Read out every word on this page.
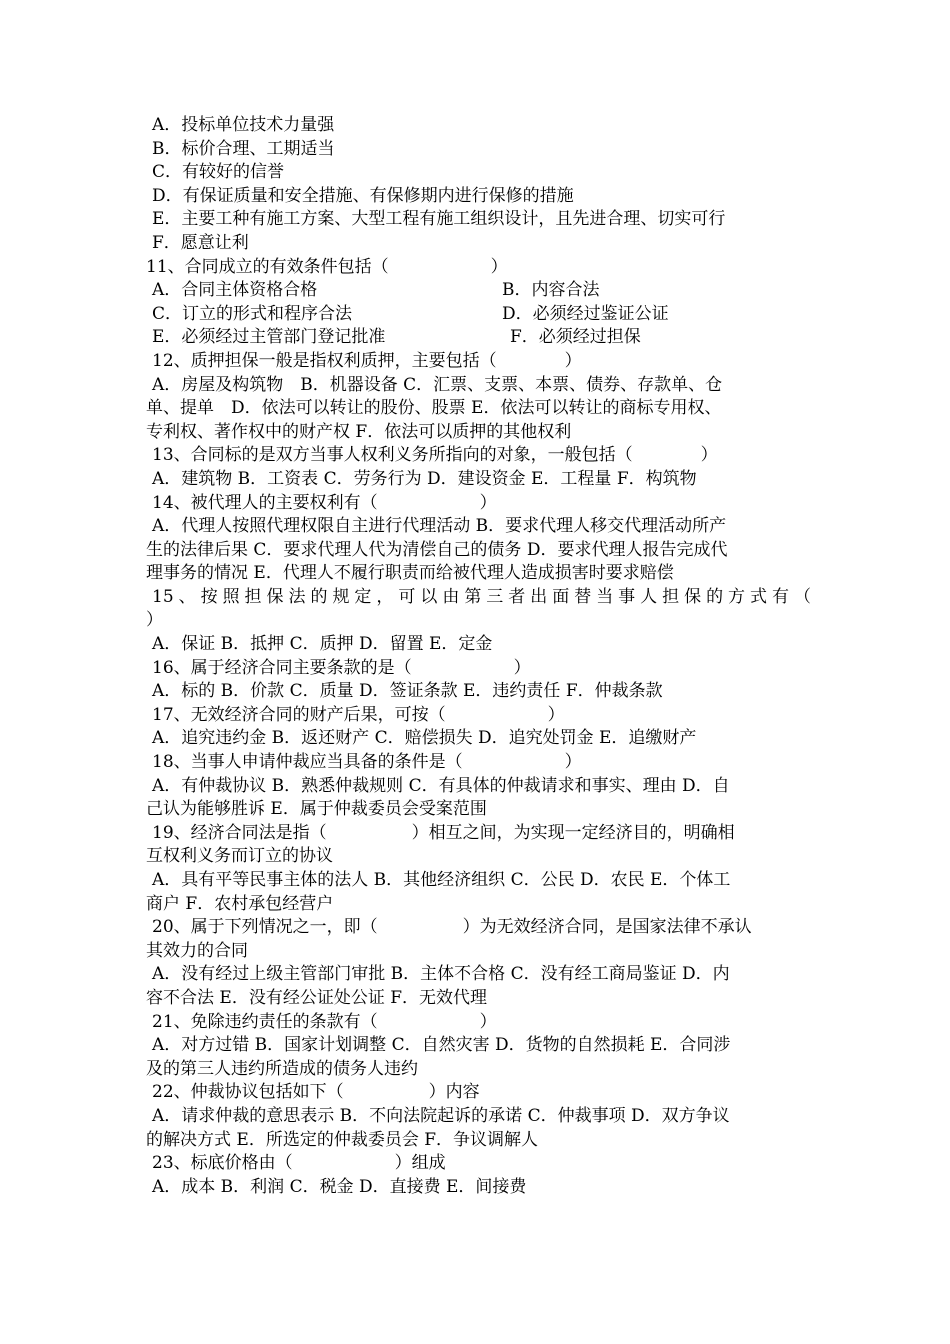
A．投标单位技术力量强
B．标价合理、工期适当
C．有较好的信誉
D．有保证质量和安全措施、有保修期内进行保修的措施
E．主要工种有施工方案、大型工程有施工组织设计，且先进合理、切实可行
F．愿意让利
11、合同成立的有效条件包括（　　　　　　）
A．合同主体资格合格	B．内容合法
C．订立的形式和程序合法	D．必须经过鉴证公证
E．必须经过主管部门登记批准	F．必须经过担保
12、质押担保一般是指权利质押，主要包括（　　　　）
A．房屋及构筑物　B．机器设备 C．汇票、支票、本票、债券、存款单、仓
单、提单　D．依法可以转让的股份、股票 E．依法可以转让的商标专用权、
专利权、著作权中的财产权 F．依法可以质押的其他权利
13、合同标的是双方当事人权利义务所指向的对象，一般包括（　　　　）
A．建筑物 B．工资表 C．劳务行为 D．建设资金 E．工程量 F．构筑物
14、被代理人的主要权利有（　　　　　　）
A．代理人按照代理权限自主进行代理活动 B．要求代理人移交代理活动所产
生的法律后果 C．要求代理人代为清偿自己的债务 D．要求代理人报告完成代
理事务的情况 E．代理人不履行职责而给被代理人造成损害时要求赔偿
15、按照担保法的规定，可以由第三者出面替当事人担保的方式有（
）
A．保证 B．抵押 C．质押 D．留置 E．定金
16、属于经济合同主要条款的是（　　　　　　）
A．标的 B．价款 C．质量 D．签证条款 E．违约责任 F．仲裁条款
17、无效经济合同的财产后果，可按（　　　　　　）
A．追究违约金 B．返还财产 C．赔偿损失 D．追究处罚金 E．追缴财产
18、当事人申请仲裁应当具备的条件是（　　　　　　）
A．有仲裁协议 B．熟悉仲裁规则 C．有具体的仲裁请求和事实、理由 D．自
己认为能够胜诉 E．属于仲裁委员会受案范围
19、经济合同法是指（　　　　　）相互之间，为实现一定经济目的，明确相
互权利义务而订立的协议
A．具有平等民事主体的法人 B．其他经济组织 C．公民 D．农民 E．个体工
商户 F．农村承包经营户
20、属于下列情况之一，即（　　　　　）为无效经济合同，是国家法律不承认
其效力的合同
A．没有经过上级主管部门审批 B．主体不合格 C．没有经工商局鉴证 D．内
容不合法 E．没有经公证处公证 F．无效代理
21、免除违约责任的条款有（　　　　　　）
A．对方过错 B．国家计划调整 C．自然灾害 D．货物的自然损耗 E．合同涉
及的第三人违约所造成的债务人违约
22、仲裁协议包括如下（　　　　　）内容
A．请求仲裁的意思表示 B．不向法院起诉的承诺 C．仲裁事项 D．双方争议
的解决方式 E．所选定的仲裁委员会 F．争议调解人
23、标底价格由（　　　　　　）组成
A．成本 B．利润 C．税金 D．直接费 E．间接费
